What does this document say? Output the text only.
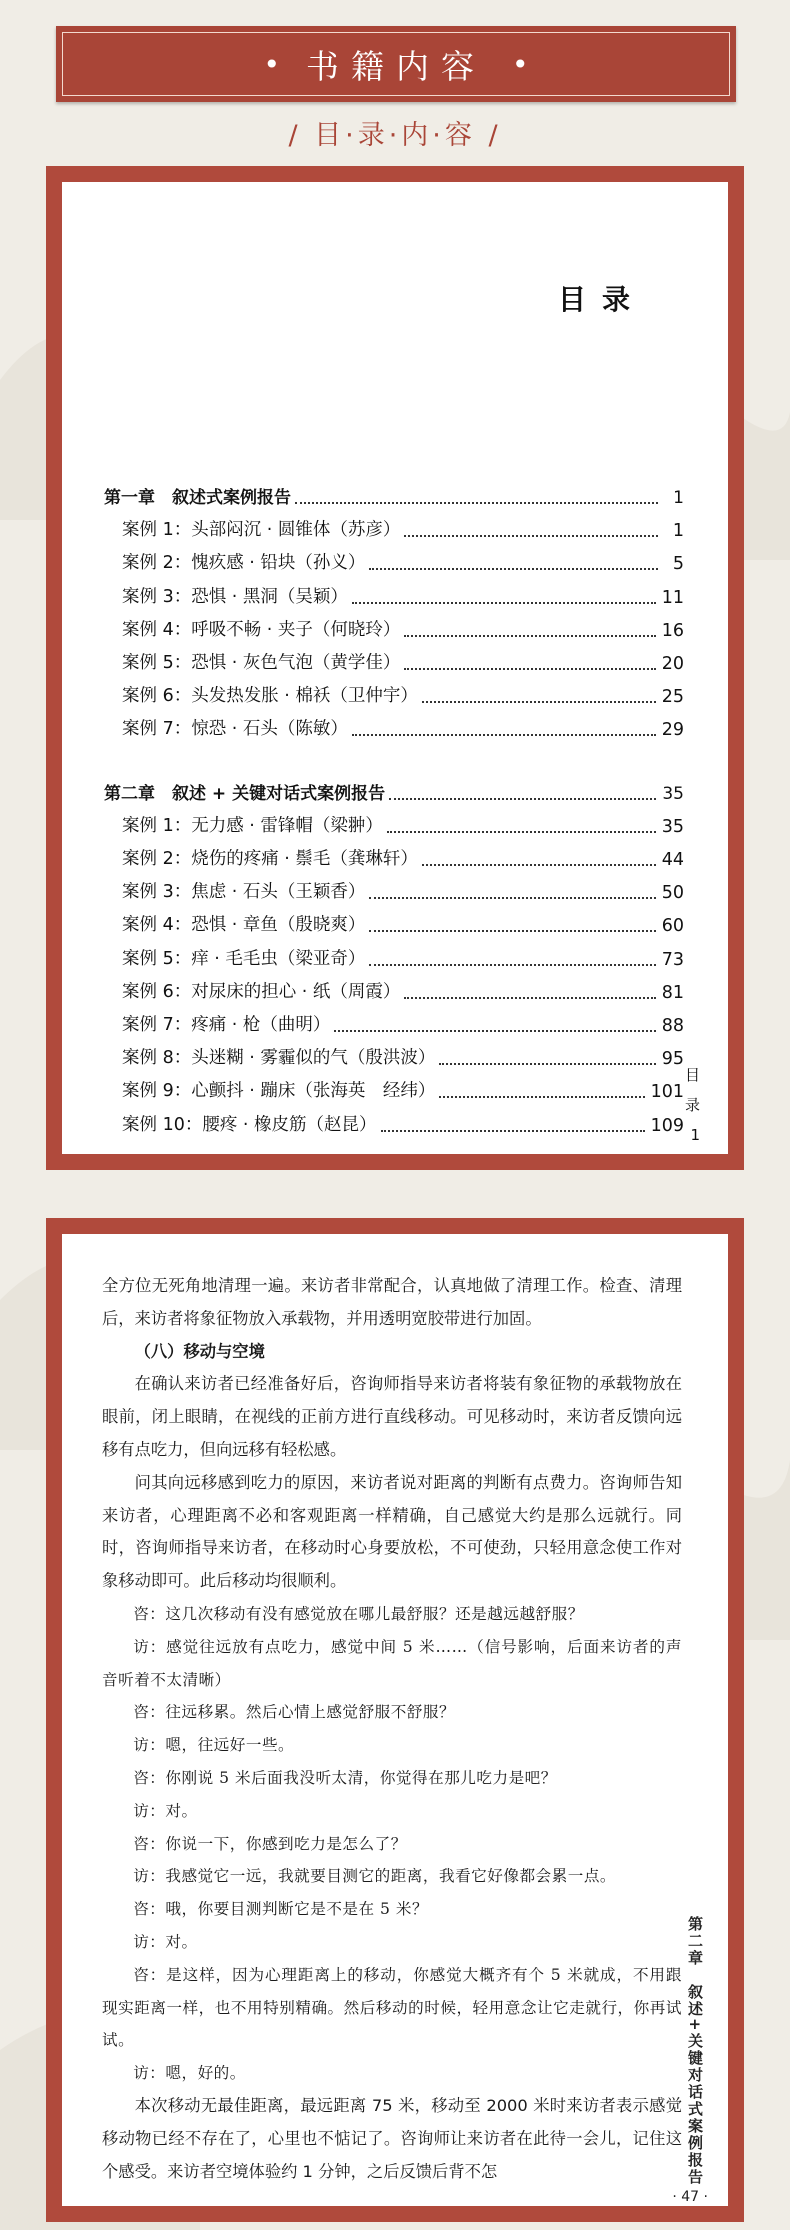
• 书籍内容 •
/ 目·录·内·容 /
目录
第一章　叙述式案例报告	1
案例 1：头部闷沉 · 圆锥体（苏彦）	1
案例 2：愧疚感 · 铅块（孙义）	5
案例 3：恐惧 · 黑洞（吴颖）	11
案例 4：呼吸不畅 · 夹子（何晓玲）	16
案例 5：恐惧 · 灰色气泡（黄学佳）	20
案例 6：头发热发胀 · 棉袄（卫仲宇）	25
案例 7：惊恐 · 石头（陈敏）	29
第二章　叙述 + 关键对话式案例报告	35
案例 1：无力感 · 雷锋帽（梁翀）	35
案例 2：烧伤的疼痛 · 鬃毛（龚琳轩）	44
案例 3：焦虑 · 石头（王颖香）	50
案例 4：恐惧 · 章鱼（殷晓爽）	60
案例 5：痒 · 毛毛虫（梁亚奇）	73
案例 6：对尿床的担心 · 纸（周霞）	81
案例 7：疼痛 · 枪（曲明）	88
案例 8：头迷糊 · 雾霾似的气（殷洪波）	95
案例 9：心颤抖 · 蹦床（张海英　经纬）	101
案例 10：腰疼 · 橡皮筋（赵昆）	109
目
录
1

全方位无死角地清理一遍。来访者非常配合，认真地做了清理工作。检查、清理后，来访者将象征物放入承载物，并用透明宽胶带进行加固。

（八）移动与空境

在确认来访者已经准备好后，咨询师指导来访者将装有象征物的承载物放在眼前，闭上眼睛，在视线的正前方进行直线移动。可见移动时，来访者反馈向远移有点吃力，但向远移有轻松感。

问其向远移感到吃力的原因，来访者说对距离的判断有点费力。咨询师告知来访者，心理距离不必和客观距离一样精确，自己感觉大约是那么远就行。同时，咨询师指导来访者，在移动时心身要放松，不可使劲，只轻用意念使工作对象移动即可。此后移动均很顺利。

咨：这几次移动有没有感觉放在哪儿最舒服？还是越远越舒服？

访：感觉往远放有点吃力，感觉中间 5 米……（信号影响，后面来访者的声音听着不太清晰）

咨：往远移累。然后心情上感觉舒服不舒服？

访：嗯，往远好一些。

咨：你刚说 5 米后面我没听太清，你觉得在那儿吃力是吧？

访：对。

咨：你说一下，你感到吃力是怎么了？

访：我感觉它一远，我就要目测它的距离，我看它好像都会累一点。

咨：哦，你要目测判断它是不是在 5 米？

访：对。

咨：是这样，因为心理距离上的移动，你感觉大概齐有个 5 米就成，不用跟现实距离一样，也不用特别精确。然后移动的时候，轻用意念让它走就行，你再试试。

访：嗯，好的。

本次移动无最佳距离，最远距离 75 米，移动至 2000 米时来访者表示感觉移动物已经不存在了，心里也不惦记了。咨询师让来访者在此待一会儿，记住这个感受。来访者空境体验约 1 分钟，之后反馈后背不怎	第二章　叙述+关键对话式案例报告
· 47 ·
